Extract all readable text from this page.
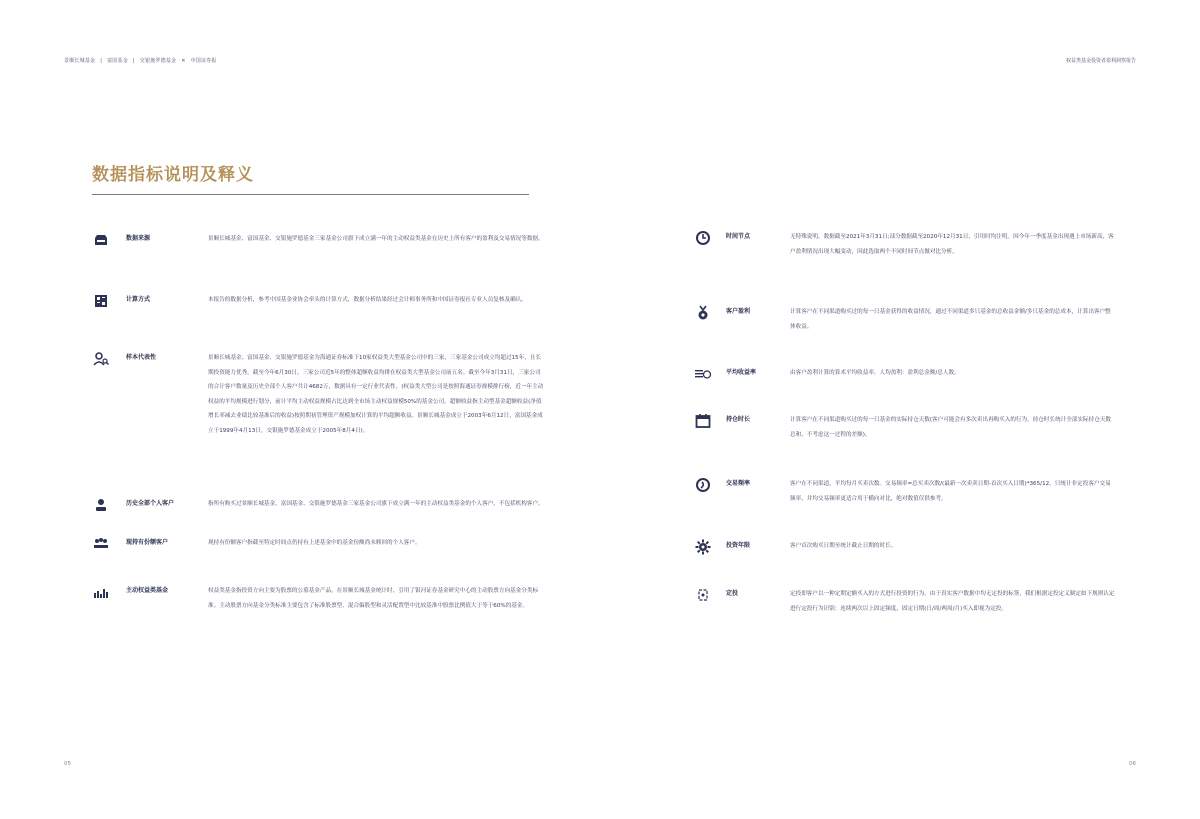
景顺长城基金 | 富国基金 | 交银施罗德基金 ✕ 中国证券报	权益类基金投资者盈利洞察报告
数据指标说明及释义
数据来源	景顺长城基金、富国基金、交银施罗德基金三家基金公司旗下成立满一年的主动权益类基金在历史上所有客户的盈利及交易情况等数据。
计算方式	本报告的数据分析，参考中国基金业协会牵头的计算方式，数据分析结果经过会计师事务所和中国证券报社专业人员复核及确认。
样本代表性	景顺长城基金、富国基金、交银施罗德基金为海通证券标准下10家权益类大型基金公司中的三家，三家基金公司成立均超过15年，且长期投资能力优秀。截至今年6月30日，三家公司近5年的整体超额收益均排在权益类大型基金公司前五名。截至今年3月31日，三家公司的合计客户数量及历史全部个人客户共计4682万，数据具有一定行业代表性。(权益类大型公司是按照海通证券规模排行榜，近一年主动权益的平均规模进行划分，前计平均主动权益规模占比达到全市场主动权益规模50%的基金公司。超额收益指主动型基金超额收益(净值增长率减去业绩比较基准后的收益)按照期初管理资产规模加权计算的平均超额收益。景顺长城基金成立于2003年6月12日，富国基金成立于1999年4月13日，交银施罗德基金成立于2005年8月4日)。
历史全部个人客户	指所有购买过景顺长城基金、富国基金、交银施罗德基金三家基金公司旗下成立满一年的主动权益类基金的个人客户，不包括机构客户。
现持有份额客户	现持有份额客户指截至特定时间点仍持有上述基金中的基金份额尚未赎回的个人客户。
主动权益类基金	权益类基金指投资方向主要为股票的公募基金产品。在景顺长城基金统计时，引用了银河证券基金研究中心的主动股票方向基金分类标准。主动股票方向基金分类标准主要包含了标准股票型、混合偏股型和灵活配置型中比较基准中股票比例值大于等于60%的基金。
时间节点	无特殊说明，数据截至2021年3月31日;部分数据截至2020年12月31日，引用时均注明。因今年一季度基金出现遇上市场新高，客户盈利情况出现大幅变动，因此选取两个不同时间节点做对比分析。
客户盈利	计算客户在不同渠道购买过的每一只基金获得的收益情况，通过不同渠道多只基金的总收益金额/多只基金的总成本，计算出客户整体收益。
平均收益率	由客户盈利计算的算术平均收益率。人均盈利：盈利总金额/总人数。
持仓时长	计算客户在不同渠道购买过的每一只基金的实际持仓天数(客户可能会有多次卖出再购买入的行为，持仓时长统计全部实际持仓天数总和，不考虑这一过程的差额)。
交易频率	客户在不同渠道，平均每月买卖次数。交易频率=总买卖次数/(最新一次卖卖日期-首次买入日期)*365/12。只统计非定投客户交易频率，并均交易频率更适合用于横向对比，绝对数值仅供参考。
投资年限	客户首次购买日期至统计截止日期的时长。
定投	定投即客户以一种定期定额买入的方式进行投资的行为。由于真实客户数据中均无定投的标签，我们根据定投定义制定如下规则认定进行定投行为识别：连续两次以上固定频度，固定日期(日/周/两周/月)买入即视为定投。
05	06
